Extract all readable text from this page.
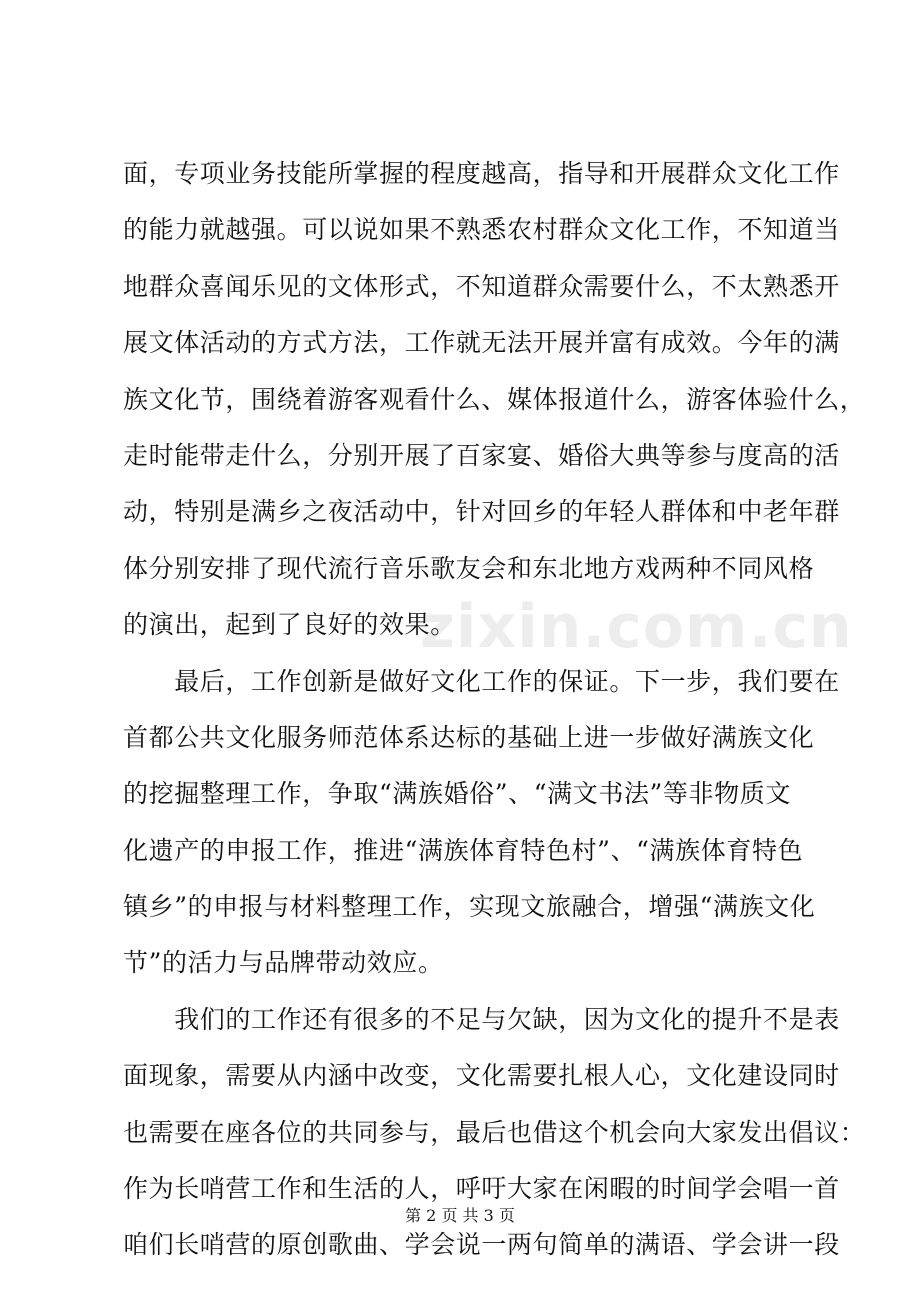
zixin.com.cn
面，专项业务技能所掌握的程度越高，指导和开展群众文化工作
的能力就越强。可以说如果不熟悉农村群众文化工作，不知道当
地群众喜闻乐见的文体形式，不知道群众需要什么，不太熟悉开
展文体活动的方式方法，工作就无法开展并富有成效。今年的满
族文化节，围绕着游客观看什么、媒体报道什么，游客体验什么，
走时能带走什么，分别开展了百家宴、婚俗大典等参与度高的活
动，特别是满乡之夜活动中，针对回乡的年轻人群体和中老年群
体分别安排了现代流行音乐歌友会和东北地方戏两种不同风格
的演出，起到了良好的效果。
　　最后，工作创新是做好文化工作的保证。下一步，我们要在
首都公共文化服务师范体系达标的基础上进一步做好满族文化
的挖掘整理工作，争取“满族婚俗”、“满文书法”等非物质文
化遗产的申报工作，推进“满族体育特色村”、“满族体育特色
镇乡”的申报与材料整理工作，实现文旅融合，增强“满族文化
节”的活力与品牌带动效应。
　　我们的工作还有很多的不足与欠缺，因为文化的提升不是表
面现象，需要从内涵中改变，文化需要扎根人心，文化建设同时
也需要在座各位的共同参与，最后也借这个机会向大家发出倡议：
作为长哨营工作和生活的人，呼吁大家在闲暇的时间学会唱一首
咱们长哨营的原创歌曲、学会说一两句简单的满语、学会讲一段
第 2 页 共 3 页
